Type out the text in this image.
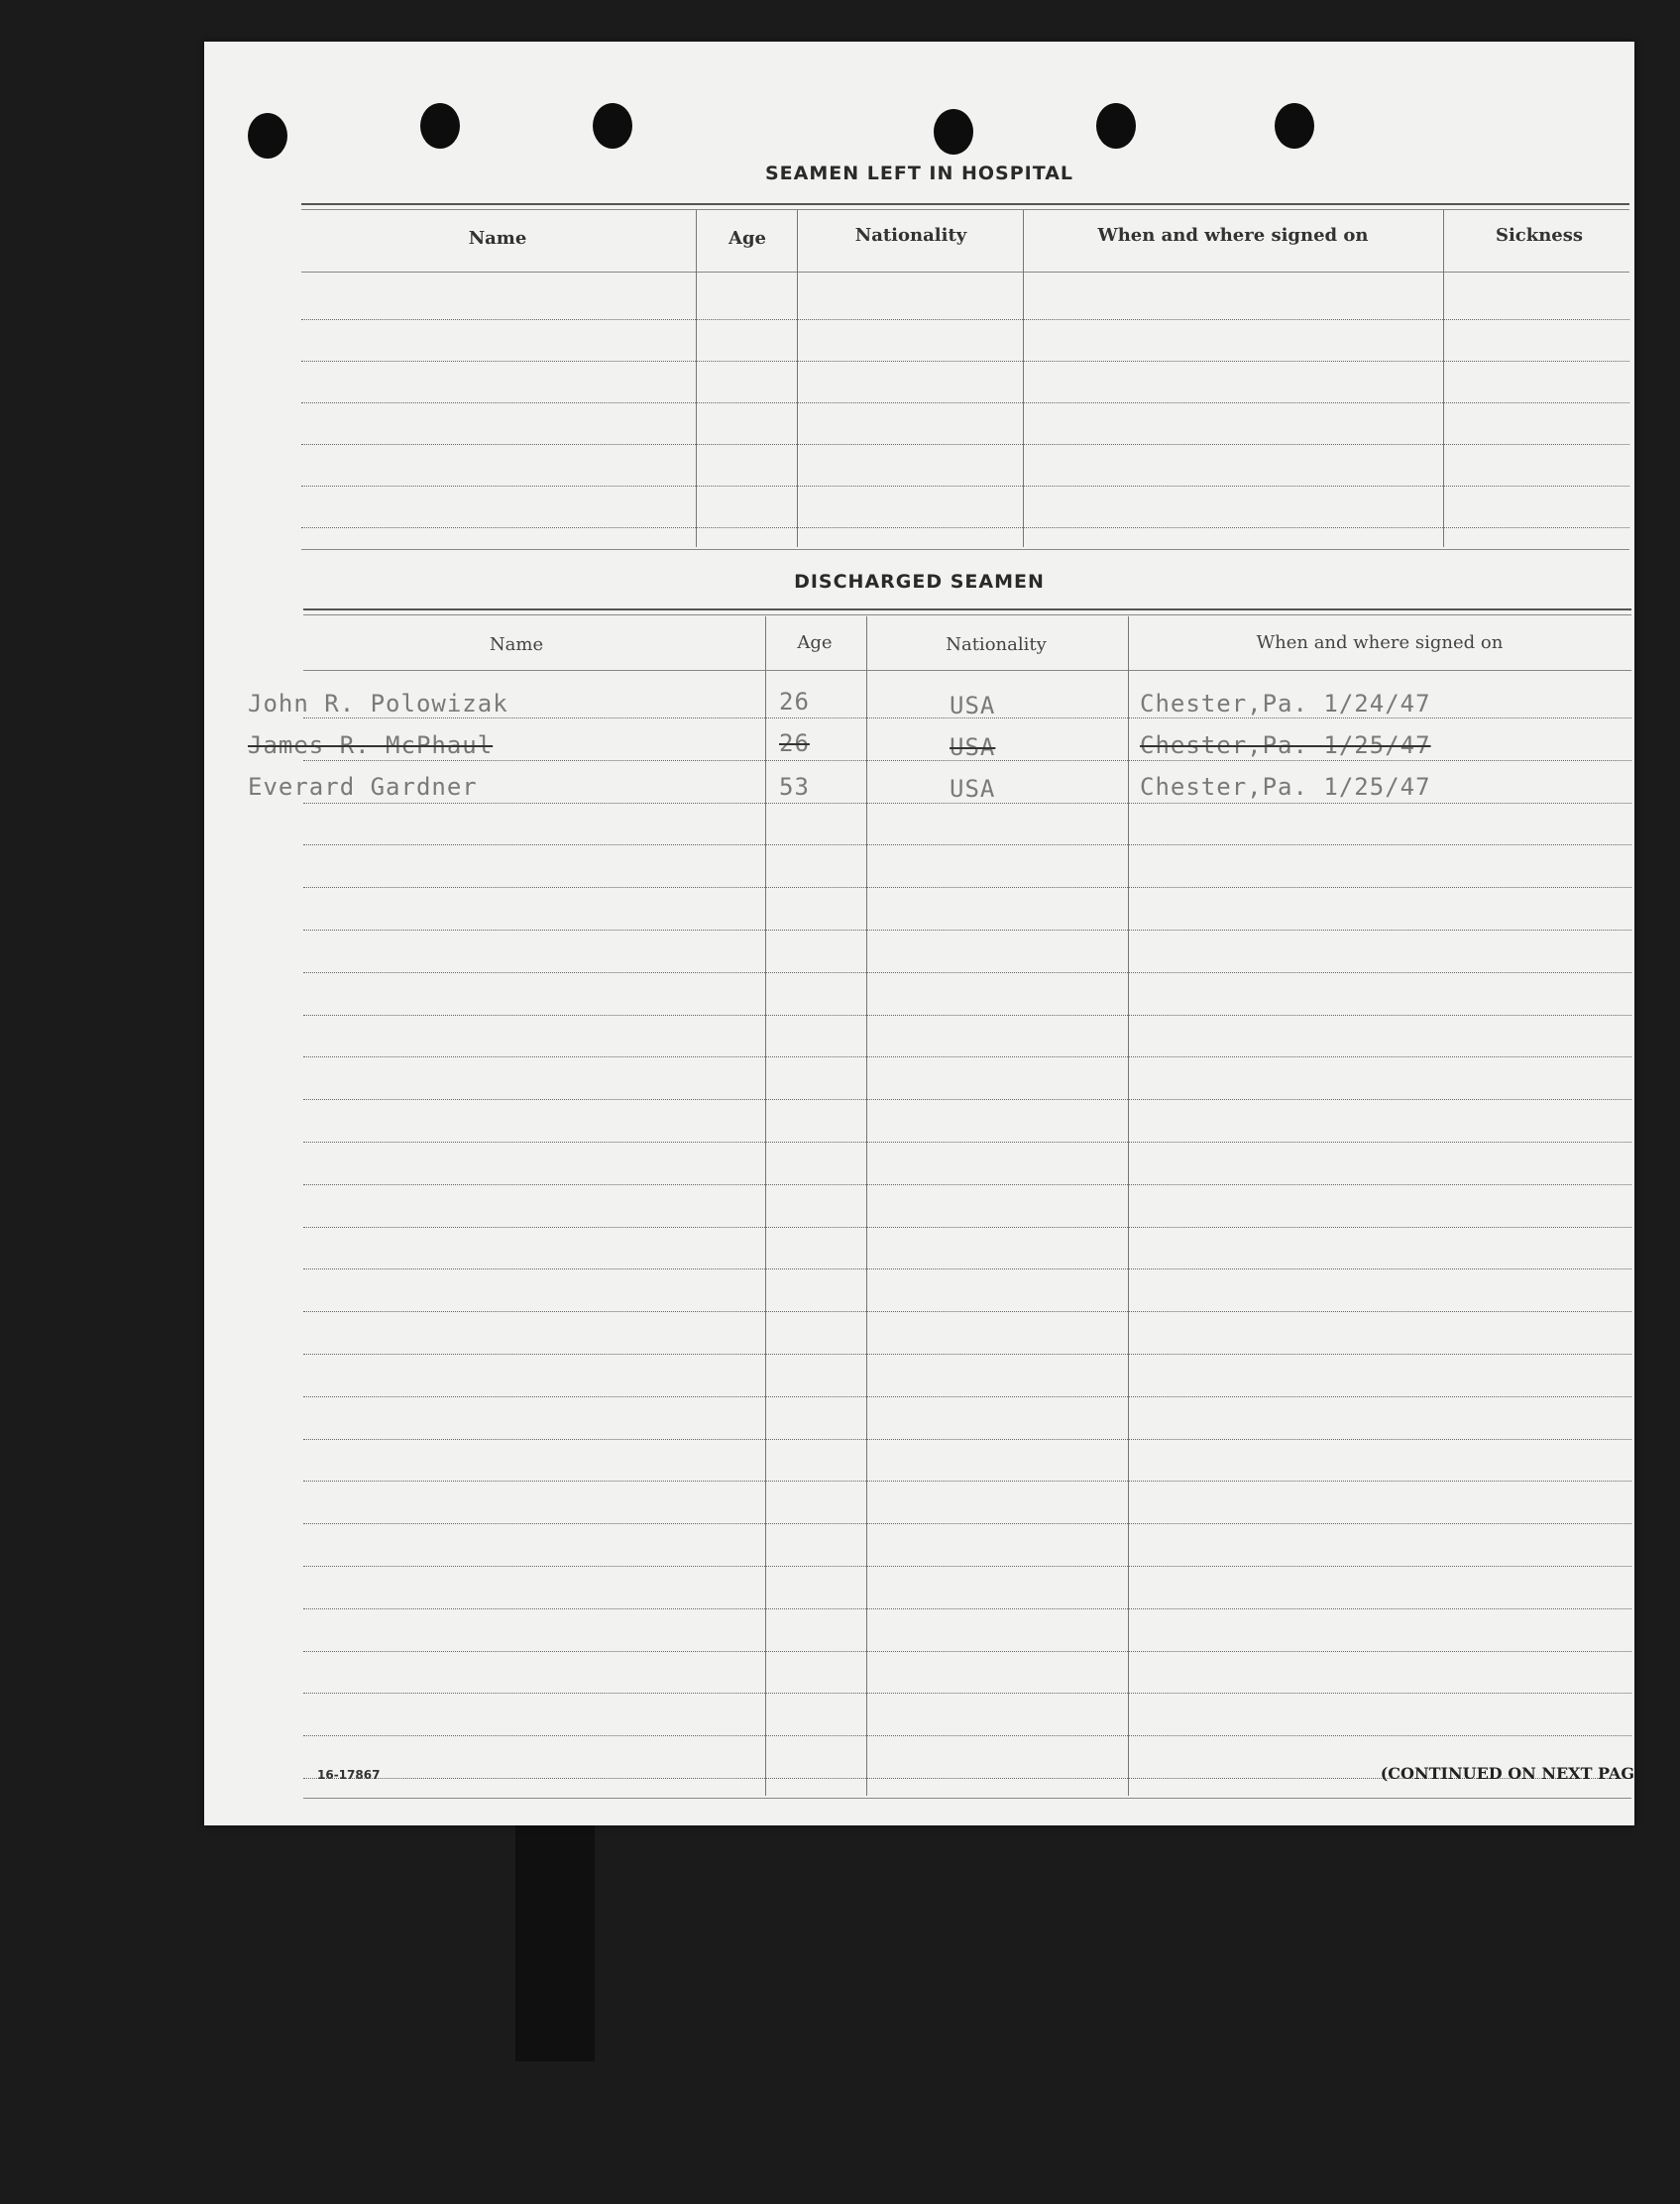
SEAMEN LEFT IN HOSPITAL
Name	Age	Nationality	When and where signed on	Sickness
DISCHARGED SEAMEN
Name	Age	Nationality	When and where signed on
John R. Polowizak	26	USA	Chester,Pa. 1/24/47
James R. McPhaul	26	USA	Chester,Pa. 1/25/47
Everard Gardner	53	USA	Chester,Pa. 1/25/47
16-17867	(CONTINUED ON NEXT PAG
